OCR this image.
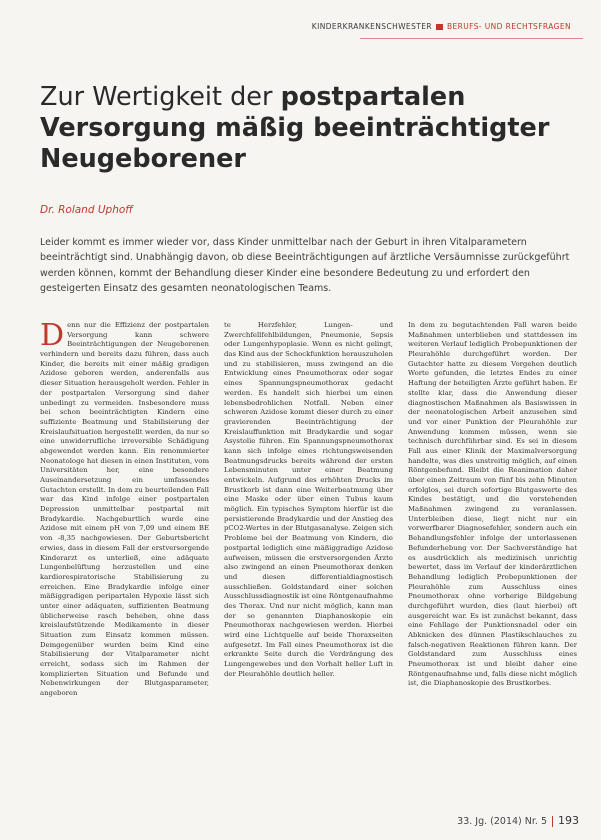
KINDERKRANKENSCHWESTER BERUFS- UND RECHTSFRAGEN
Zur Wertigkeit der postpartalen Versorgung mäßig beeinträchtigter Neugeborener
Dr. Roland Uphoff

Leider kommt es immer wieder vor, dass Kinder unmittelbar nach der Geburt in ihren Vitalparametern beeinträchtigt sind. Unabhängig davon, ob diese Beeinträchtigungen auf ärztliche Versäumnisse zurückgeführt werden können, kommt der Behandlung dieser Kinder eine besondere Bedeutung zu und erfordert den gesteigerten Einsatz des gesamten neonatologischen Teams.

Denn nur die Effizienz der postpartalen Versorgung kann schwere Beeinträchtigungen der Neugeborenen verhindern und bereits dazu führen, dass auch Kinder, die bereits mit einer mäßig gradigen Azidose geboren werden, anderenfalls aus dieser Situation herausgeholt werden. Fehler in der postpartalen Versorgung sind daher unbedingt zu vermeiden. Insbesondere muss bei schon beeinträchtigten Kindern eine suffiziente Beatmung und Stabilisierung der Kreislaufsituation hergestellt werden, da nur so eine unwiderrufliche irreversible Schädigung abgewendet werden kann. Ein renommierter Neonatologe hat diesen in einen Instituten, vom Universitäten her, eine besondere Auseinandersetzung ein umfassendes Gutachten erstellt. In dem zu beurteilenden Fall war das Kind infolge einer postpartalen Depression unmittelbar postpartal mit Bradykardie. Nachgeburtlich wurde eine Azidose mit einem pH von 7,09 und einem BE von -8,35 nachgewiesen. Der Geburtsbericht erwies, dass in diesem Fall der erstversorgende Kinderarzt es unterließ, eine adäquate Lungenbelüftung herzustellen und eine kardiorespiratorische Stabilisierung zu erreichen. Eine Bradykardie infolge einer mäßiggradigen peripartalen Hypoxie lässt sich unter einer adäquaten, suffizienten Beatmung üblicherweise rasch beheben, ohne dass kreislaufstützende Medikamente in dieser Situation zum Einsatz kommen müssen. Demgegenüber wurden beim Kind eine Stabilisierung der Vitalparameter nicht erreicht, sodass sich im Rahmen der komplizierten Situation und Befunde und Nebenwirkungen der Blutgasparameter, angeboren

te Herzfehler, Lungen- und Zwerchfellfehlbildungen, Pneumonie, Sepsis oder Lungenhypoplasie. Wenn es nicht gelingt, das Kind aus der Schockfunktion herauszuholen und zu stabilisieren, muss zwingend an die Entwicklung eines Pneumothorax oder sogar eines Spannungspneumothorax gedacht werden. Es handelt sich hierbei um einen lebensbedrohlichen Notfall. Neben einer schweren Azidose kommt dieser durch zu einer gravierenden Beeinträchtigung der Kreislauffunktion mit Bradykardie und sogar Asystolie führen. Ein Spannungspneumothorax kann sich infolge eines richtungsweisenden Beatmungsdrucks bereits während der ersten Lebensminuten unter einer Beatmung entwickeln. Aufgrund des erhöhten Drucks im Brustkorb ist dann eine Weiterbeatmung über eine Maske oder über einen Tubus kaum möglich. Ein typisches Symptom hierfür ist die persistierende Bradykardie und der Anstieg des pCO2-Wertes in der Blutgasanalyse. Zeigen sich Probleme bei der Beatmung von Kindern, die postpartal lediglich eine mäßiggradige Azidose aufweisen, müssen die erstversorgenden Ärzte also zwingend an einen Pneumothorax denken und diesen differentialdiagnostisch ausschließen. Goldstandard einer solchen Ausschlussdiagnostik ist eine Röntgenaufnahme des Thorax. Und nur nicht möglich, kann man der so genannten Diaphanoskopie ein Pneumothorax nachgewiesen werden. Hierbei wird eine Lichtquelle auf beide Thoraxseiten aufgesetzt. Im Fall eines Pneumothorax ist die erkrankte Seite durch die Verdrängung des Lungengewebes und den Vorhalt heller Luft in der Pleurahöhle deutlich heller.

In dem zu begutachtenden Fall waren beide Maßnahmen unterblieben und stattdessen im weiteren Verlauf lediglich Probepunktionen der Pleurahöhle durchgeführt worden. Der Gutachter hatte zu diesem Vorgehen deutlich Worte gefunden, die letztes Endes zu einer Haftung der beteiligten Ärzte geführt haben. Er stellte klar, dass die Anwendung dieser diagnostischen Maßnahmen als Basiswissen in der neonatologischen Arbeit anzusehen sind und vor einer Punktion der Pleurahöhle zur Anwendung kommen müssen, wenn sie technisch durchführbar sind. Es sei in diesem Fall aus einer Klinik der Maximalversorgung handelte, was dies unstreitig möglich, auf einen Röntgenbefund. Bleibt die Reanimation daher über einen Zeitraum von fünf bis zehn Minuten erfolglos, sei durch sofortige Blutgaswerte des Kindes bestätigt, und die vorstehenden Maßnahmen zwingend zu veranlassen. Unterbleiben diese, liegt nicht nur ein vorwerfbarer Diagnosefehler, sondern auch ein Behandlungsfehler infolge der unterlassenen Befunderhebung vor. Der Sachverständige hat es ausdrücklich als medizinisch unrichtig bewertet, dass im Verlauf der kinderärztlichen Behandlung lediglich Probepunktionen der Pleurahöhle zum Ausschluss eines Pneumothorax ohne vorherige Bildgebung durchgeführt wurden, dies (laut hierbei) oft ausgereicht war. Es ist zunächst bekannt, dass eine Fehllage der Punktionsnadel oder ein Abknicken des dünnen Plastikschlauches zu falsch-negativen Reaktionen führen kann. Der Goldstandard zum Ausschluss eines Pneumothorax ist und bleibt daher eine Röntgenaufnahme und, falls diese nicht möglich ist, die Diaphanoskopie des Brustkorbes.

33. Jg. (2014) Nr. 5 193
